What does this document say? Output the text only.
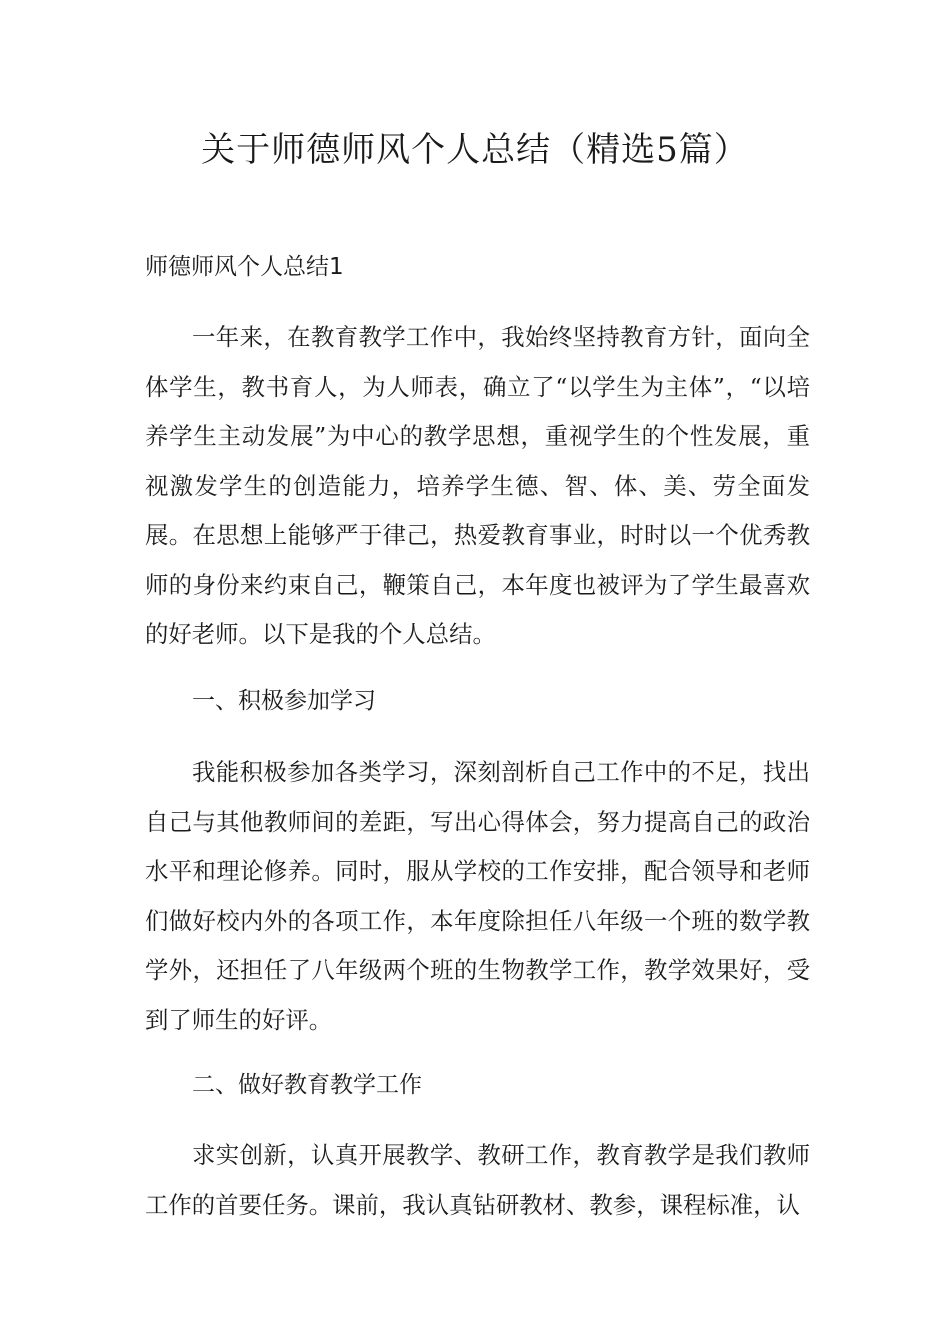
关于师德师风个人总结（精选5篇）
师德师风个人总结1

一年来，在教育教学工作中，我始终坚持教育方针，面向全体学生，教书育人，为人师表，确立了“以学生为主体”，“以培养学生主动发展”为中心的教学思想，重视学生的个性发展，重视激发学生的创造能力，培养学生德、智、体、美、劳全面发展。在思想上能够严于律己，热爱教育事业，时时以一个优秀教师的身份来约束自己，鞭策自己，本年度也被评为了学生最喜欢的好老师。以下是我的个人总结。

一、积极参加学习

我能积极参加各类学习，深刻剖析自己工作中的不足，找出自己与其他教师间的差距，写出心得体会，努力提高自己的政治水平和理论修养。同时，服从学校的工作安排，配合领导和老师们做好校内外的各项工作，本年度除担任八年级一个班的数学教学外，还担任了八年级两个班的生物教学工作，教学效果好，受到了师生的好评。

二、做好教育教学工作

求实创新，认真开展教学、教研工作，教育教学是我们教师工作的首要任务。课前，我认真钻研教材、教参，课程标准，认
